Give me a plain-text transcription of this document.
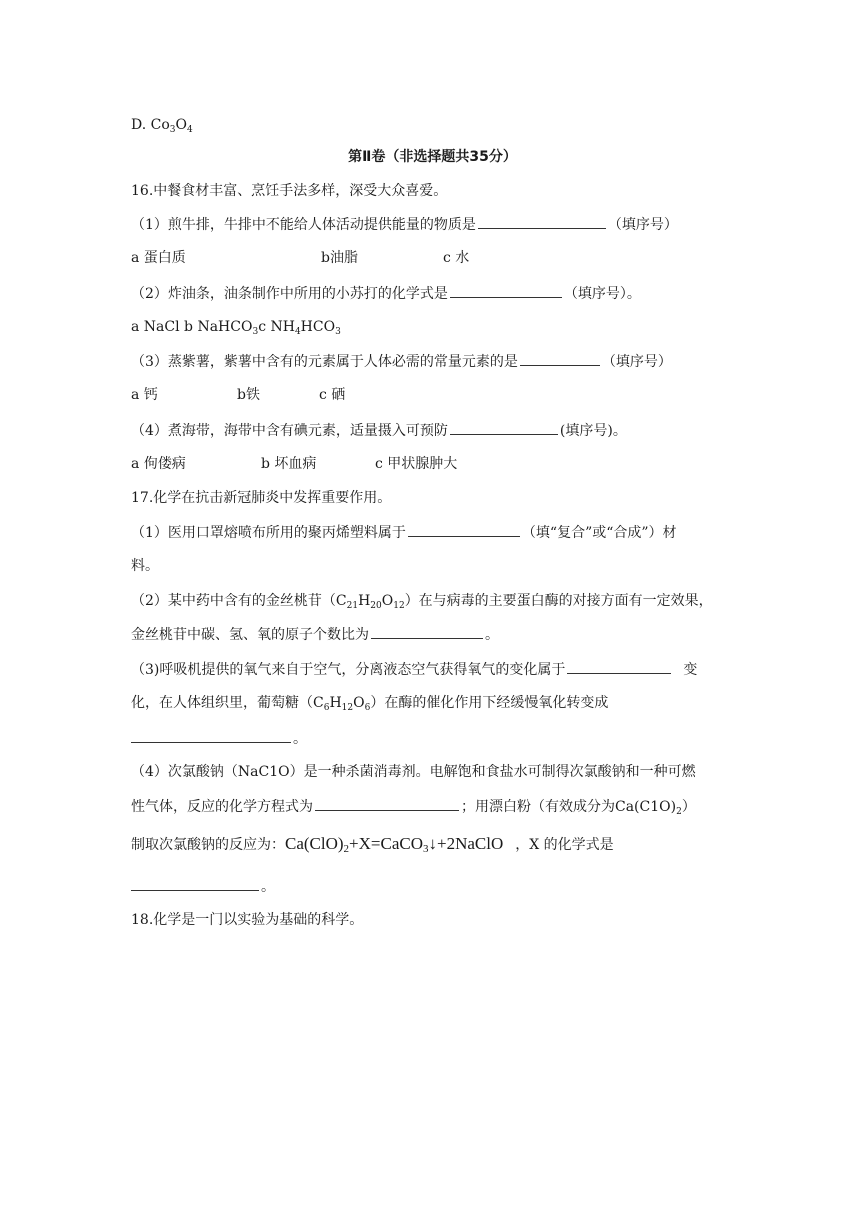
D. $Co_3O_4$
第Ⅱ卷（非选择题共35分）
16.中餐食材丰富、烹饪手法多样，深受大众喜爱。
（1）煎牛排，牛排中不能给人体活动提供能量的物质是	（填序号）
a 蛋白质	b油脂	c 水
（2）炸油条，油条制作中所用的小苏打的化学式是	（填序号）。
a NaCl b NaHCO$_3$c $NH_4HCO_3$
（3）蒸紫薯，紫薯中含有的元素属于人体必需的常量元素的是	（填序号）
a 钙	b铁	c 硒
（4）煮海带，海带中含有碘元素，适量摄入可预防	(填序号)。
a 佝偻病	b 坏血病	c 甲状腺肿大
17.化学在抗击新冠肺炎中发挥重要作用。
（1）医用口罩熔喷布所用的聚丙烯塑料属于	（填“复合”或“合成”）材
料。
（2）某中药中含有的金丝桃苷$(C_{21}H_{20}O_{12})$在与病毒的主要蛋白酶的对接方面有一定效果，
金丝桃苷中碳、氢、氧的原子个数比为	。
（3)呼吸机提供的氧气来自于空气，分离液态空气获得氧气的变化属于	变
化，在人体组织里，葡萄糖$(C_6H_{12}O_6)$在酶的催化作用下经缓慢氧化转变成
。
（4）次氯酸钠（NaC1O）是一种杀菌消毒剂。电解饱和食盐水可制得次氯酸钠和一种可燃
性气体，反应的化学方程式为	；用漂白粉（有效成分为$Ca(C1O)_2$）
制取次氯酸钠的反应为：$Ca(ClO)_2+X=CaCO_3↓+2NaClO$ ，X 的化学式是
。
18.化学是一门以实验为基础的科学。
